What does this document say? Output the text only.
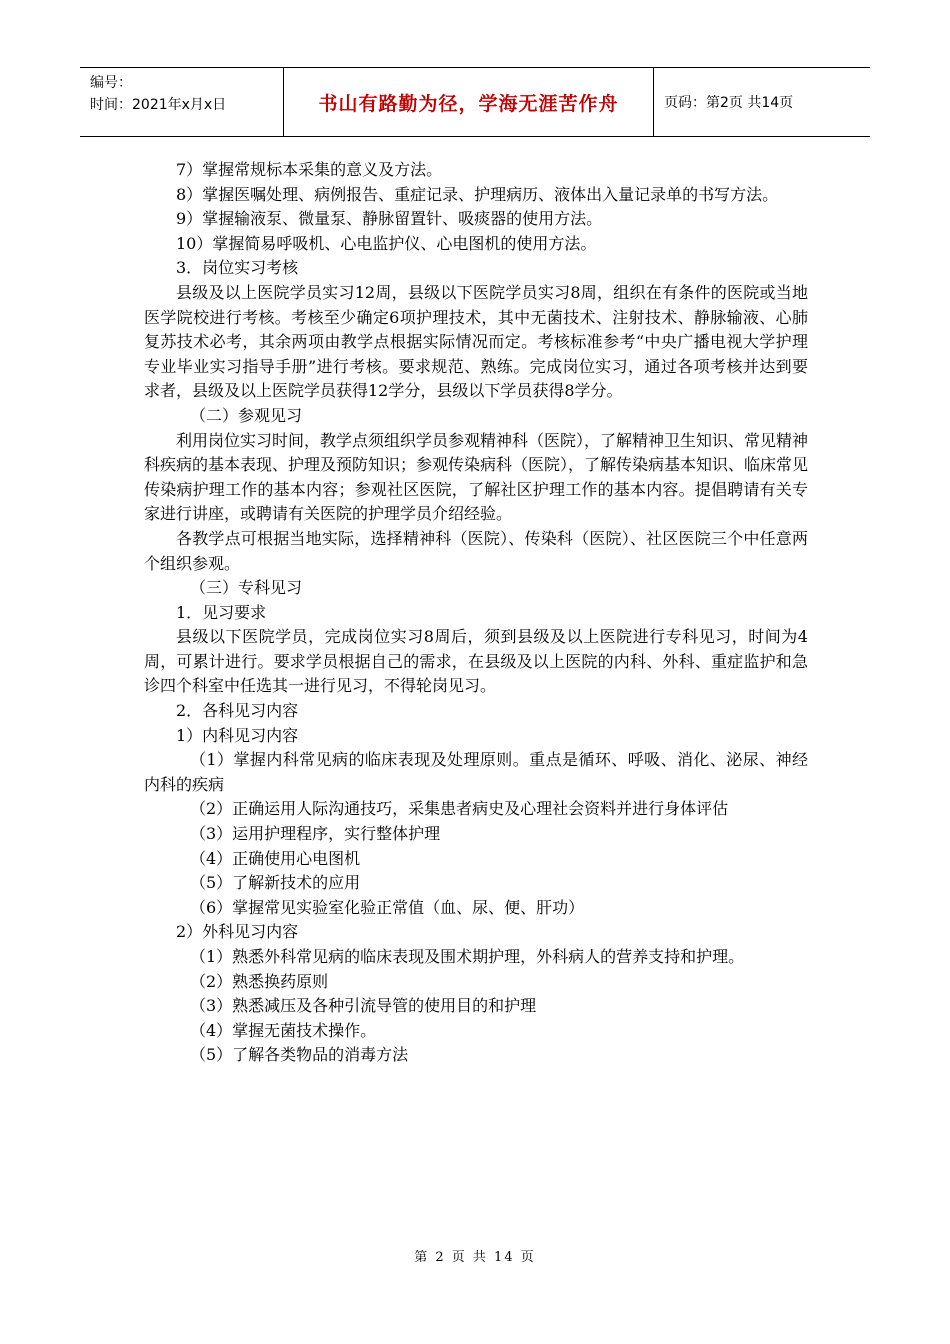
编号：
时间：2021年x月x日	书山有路勤为径，学海无涯苦作舟	页码：第2页 共14页

7）掌握常规标本采集的意义及方法。

8）掌握医嘱处理、病例报告、重症记录、护理病历、液体出入量记录单的书写方法。

9）掌握输液泵、微量泵、静脉留置针、吸痰器的使用方法。

10）掌握简易呼吸机、心电监护仪、心电图机的使用方法。

3．岗位实习考核

县级及以上医院学员实习12周，县级以下医院学员实习8周，组织在有条件的医院或当地医学院校进行考核。考核至少确定6项护理技术，其中无菌技术、注射技术、静脉输液、心肺复苏技术必考，其余两项由教学点根据实际情况而定。考核标准参考“中央广播电视大学护理专业毕业实习指导手册”进行考核。要求规范、熟练。完成岗位实习，通过各项考核并达到要求者，县级及以上医院学员获得12学分，县级以下学员获得8学分。

（二）参观见习

利用岗位实习时间，教学点须组织学员参观精神科（医院），了解精神卫生知识、常见精神科疾病的基本表现、护理及预防知识；参观传染病科（医院），了解传染病基本知识、临床常见传染病护理工作的基本内容；参观社区医院，了解社区护理工作的基本内容。提倡聘请有关专家进行讲座，或聘请有关医院的护理学员介绍经验。

各教学点可根据当地实际，选择精神科（医院）、传染科（医院）、社区医院三个中任意两个组织参观。

（三）专科见习

1．见习要求

县级以下医院学员，完成岗位实习8周后，须到县级及以上医院进行专科见习，时间为4周，可累计进行。要求学员根据自己的需求，在县级及以上医院的内科、外科、重症监护和急诊四个科室中任选其一进行见习，不得轮岗见习。

2．各科见习内容

1）内科见习内容

（1）掌握内科常见病的临床表现及处理原则。重点是循环、呼吸、消化、泌尿、神经内科的疾病

（2）正确运用人际沟通技巧，采集患者病史及心理社会资料并进行身体评估

（3）运用护理程序，实行整体护理

（4）正确使用心电图机

（5）了解新技术的应用

（6）掌握常见实验室化验正常值（血、尿、便、肝功）

2）外科见习内容

（1）熟悉外科常见病的临床表现及围术期护理，外科病人的营养支持和护理。

（2）熟悉换药原则

（3）熟悉减压及各种引流导管的使用目的和护理

（4）掌握无菌技术操作。

（5）了解各类物品的消毒方法

第 2 页 共 14 页
